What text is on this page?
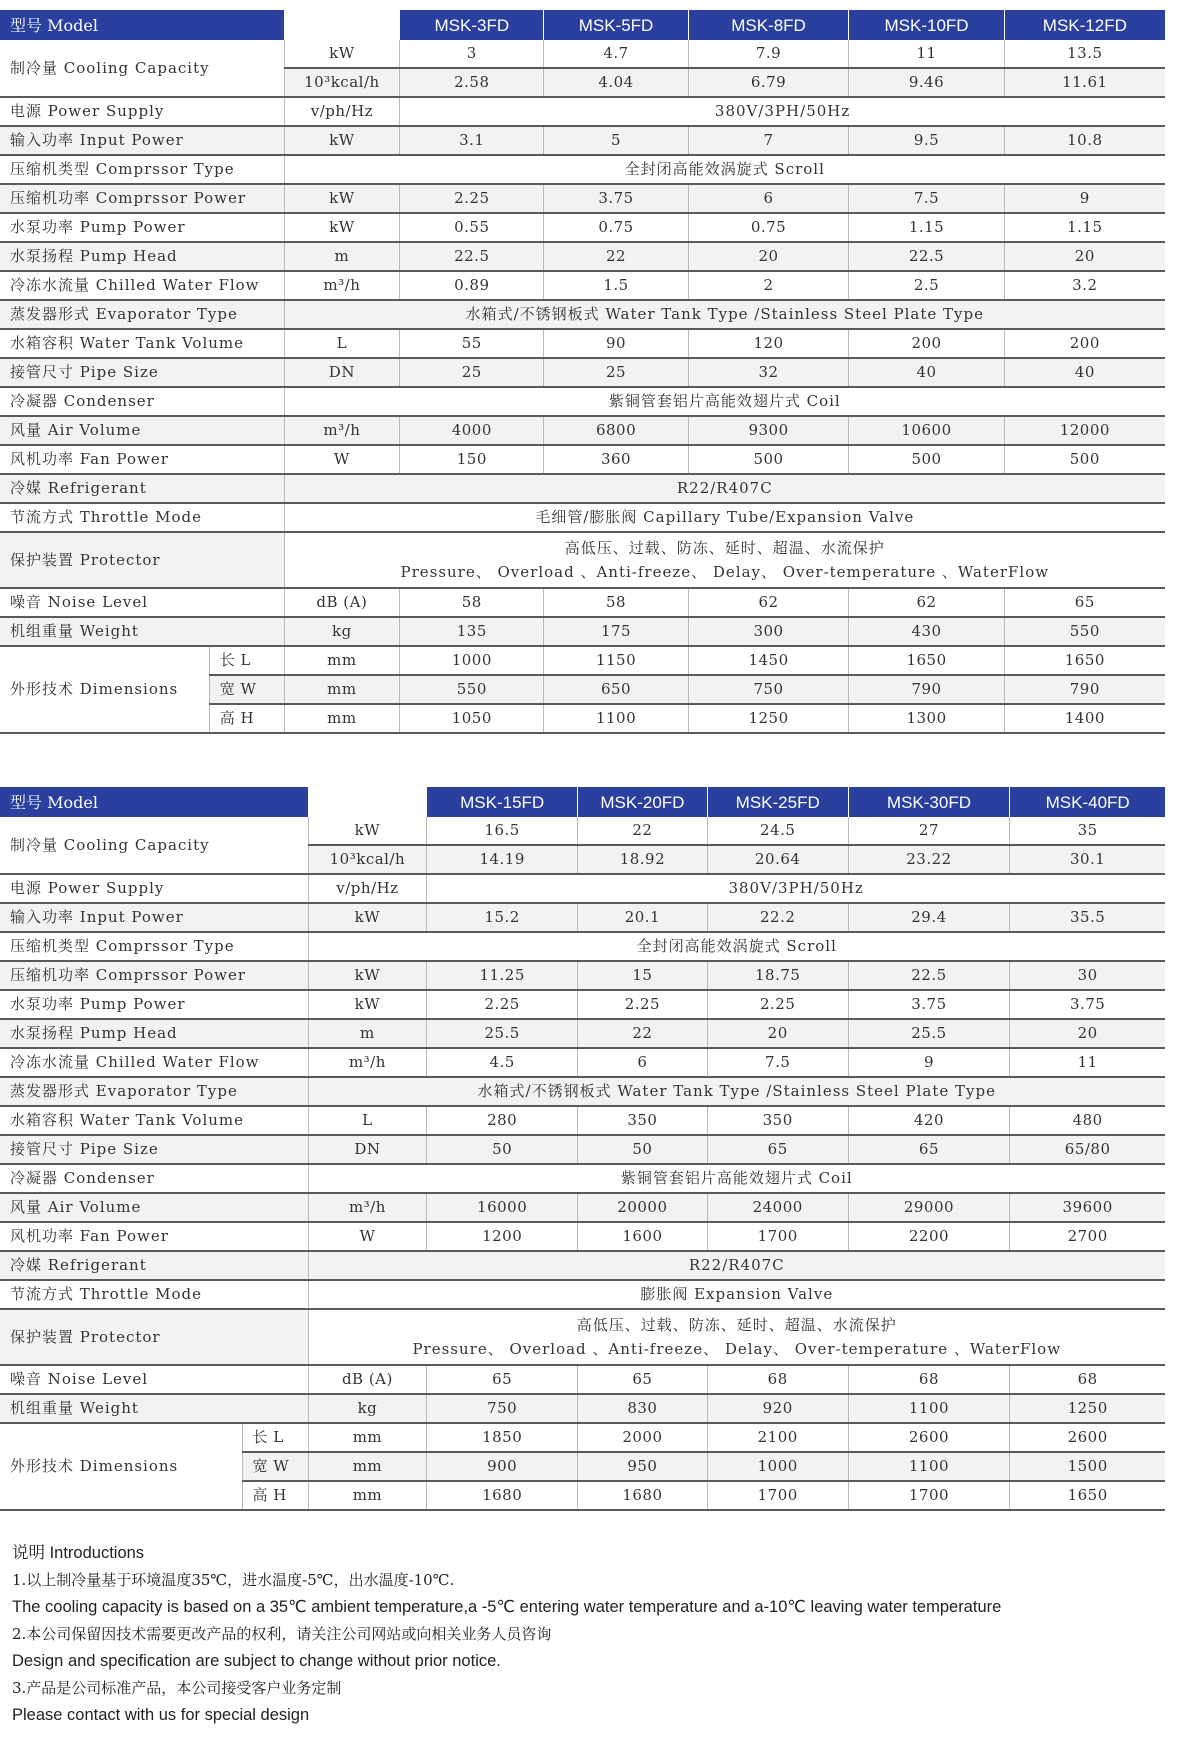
型号 Model			MSK-3FD	MSK-5FD	MSK-8FD	MSK-10FD	MSK-12FD
制冷量 Cooling Capacity		kW	3	4.7	7.9	11	13.5
		10³kcal/h	2.58	4.04	6.79	9.46	11.61
电源 Power Supply		v/ph/Hz	380V/3PH/50Hz				
输入功率 Input Power		kW	3.1	5	7	9.5	10.8
压缩机类型 Comprssor Type		全封闭高能效涡旋式 Scroll					
压缩机功率 Comprssor Power		kW	2.25	3.75	6	7.5	9
水泵功率 Pump Power		kW	0.55	0.75	0.75	1.15	1.15
水泵扬程 Pump Head		m	22.5	22	20	22.5	20
冷冻水流量 Chilled Water Flow		m³/h	0.89	1.5	2	2.5	3.2
蒸发器形式 Evaporator Type		水箱式/不锈钢板式 Water Tank Type /Stainless Steel Plate Type					
水箱容积 Water Tank Volume		L	55	90	120	200	200
接管尺寸 Pipe Size		DN	25	25	32	40	40
冷凝器 Condenser		紫铜管套铝片高能效翅片式 Coil					
风量 Air Volume		m³/h	4000	6800	9300	10600	12000
风机功率 Fan Power		W	150	360	500	500	500
冷媒 Refrigerant		R22/R407C					
节流方式 Throttle Mode		毛细管/膨胀阀 Capillary Tube/Expansion Valve					
保护装置 Protector		高低压、过载、防冻、延时、超温、水流保护
Pressure、 Overload 、Anti-freeze、 Delay、 Over-temperature 、WaterFlow					

噪音 Noise Level		dB (A)	58	58	62	62	65
机组重量 Weight		kg	135	175	300	430	550
外形技术 Dimensions	长 L	mm	1000	1150	1450	1650	1650
	宽 W	mm	550	650	750	790	790
	高 H	mm	1050	1100	1250	1300	1400
型号 Model			MSK-15FD	MSK-20FD	MSK-25FD	MSK-30FD	MSK-40FD
制冷量 Cooling Capacity		kW	16.5	22	24.5	27	35
		10³kcal/h	14.19	18.92	20.64	23.22	30.1
电源 Power Supply		v/ph/Hz	380V/3PH/50Hz				
输入功率 Input Power		kW	15.2	20.1	22.2	29.4	35.5
压缩机类型 Comprssor Type		全封闭高能效涡旋式 Scroll					
压缩机功率 Comprssor Power		kW	11.25	15	18.75	22.5	30
水泵功率 Pump Power		kW	2.25	2.25	2.25	3.75	3.75
水泵扬程 Pump Head		m	25.5	22	20	25.5	20
冷冻水流量 Chilled Water Flow		m³/h	4.5	6	7.5	9	11
蒸发器形式 Evaporator Type		水箱式/不锈钢板式 Water Tank Type /Stainless Steel Plate Type					
水箱容积 Water Tank Volume		L	280	350	350	420	480
接管尺寸 Pipe Size		DN	50	50	65	65	65/80
冷凝器 Condenser		紫铜管套铝片高能效翅片式 Coil					
风量 Air Volume		m³/h	16000	20000	24000	29000	39600
风机功率 Fan Power		W	1200	1600	1700	2200	2700
冷媒 Refrigerant		R22/R407C					
节流方式 Throttle Mode		膨胀阀 Expansion Valve					
保护装置 Protector		高低压、过载、防冻、延时、超温、水流保护
Pressure、 Overload 、Anti-freeze、 Delay、 Over-temperature 、WaterFlow					

噪音 Noise Level		dB (A)	65	65	68	68	68
机组重量 Weight		kg	750	830	920	1100	1250
外形技术 Dimensions	长 L	mm	1850	2000	2100	2600	2600
	宽 W	mm	900	950	1000	1100	1500
	高 H	mm	1680	1680	1700	1700	1650
说明 Introductions
1.以上制冷量基于环境温度35℃，进水温度-5℃，出水温度-10℃.
The cooling capacity is based on a 35℃ ambient temperature,a -5℃ entering water temperature and a-10℃ leaving water temperature
2.本公司保留因技术需要更改产品的权利，请关注公司网站或向相关业务人员咨询
Design and specification are subject to change without prior notice.
3.产品是公司标准产品，本公司接受客户业务定制
Please contact with us for special design
